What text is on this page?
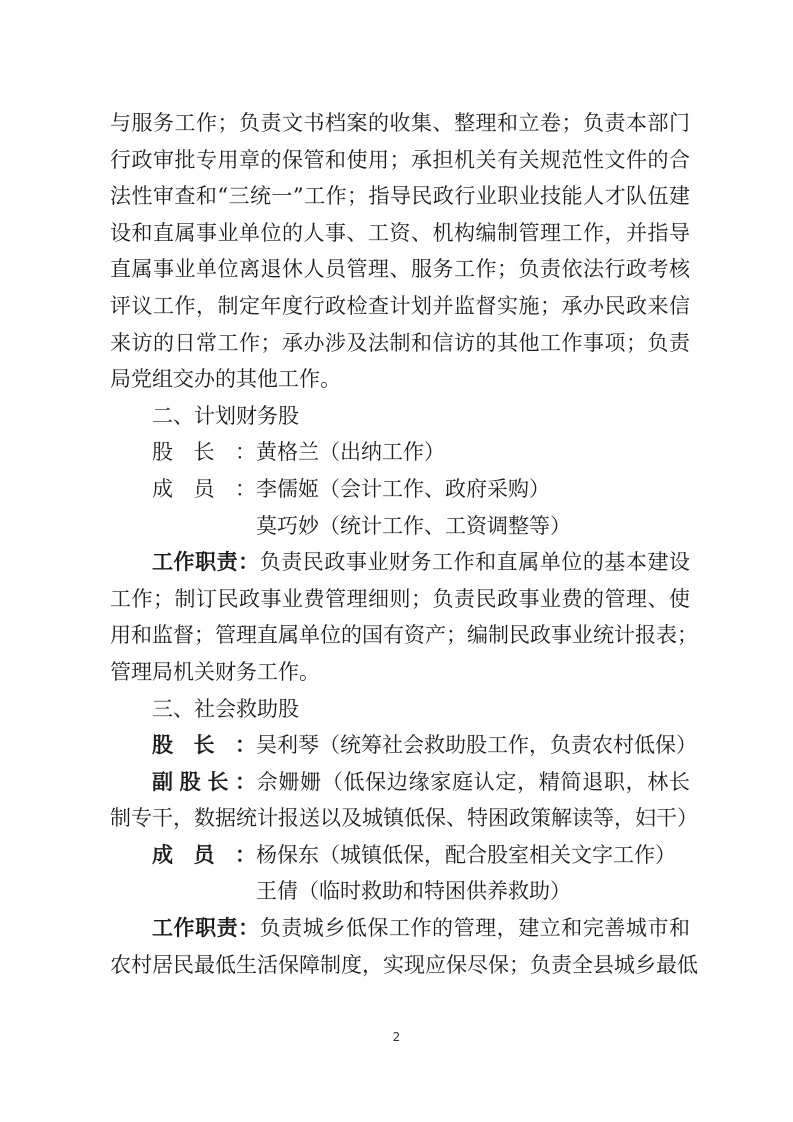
与服务工作；负责文书档案的收集、整理和立卷；负责本部门
行政审批专用章的保管和使用；承担机关有关规范性文件的合
法性审查和“三统一”工作；指导民政行业职业技能人才队伍建
设和直属事业单位的人事、工资、机构编制管理工作，并指导
直属事业单位离退休人员管理、服务工作；负责依法行政考核
评议工作，制定年度行政检查计划并监督实施；承办民政来信
来访的日常工作；承办涉及法制和信访的其他工作事项；负责
局党组交办的其他工作。
二、计划财务股
股长：黄格兰（出纳工作）
成员：李儒姬（会计工作、政府采购）
莫巧妙（统计工作、工资调整等）
工作职责：负责民政事业财务工作和直属单位的基本建设
工作；制订民政事业费管理细则；负责民政事业费的管理、使
用和监督；管理直属单位的国有资产；编制民政事业统计报表；
管理局机关财务工作。
三、社会救助股
股长：吴利琴（统筹社会救助股工作，负责农村低保）
副股长：佘姗姗（低保边缘家庭认定，精简退职，林长
制专干，数据统计报送以及城镇低保、特困政策解读等，妇干）
成员：杨保东（城镇低保，配合股室相关文字工作）
王倩（临时救助和特困供养救助）
工作职责：负责城乡低保工作的管理，建立和完善城市和
农村居民最低生活保障制度，实现应保尽保；负责全县城乡最低
2
